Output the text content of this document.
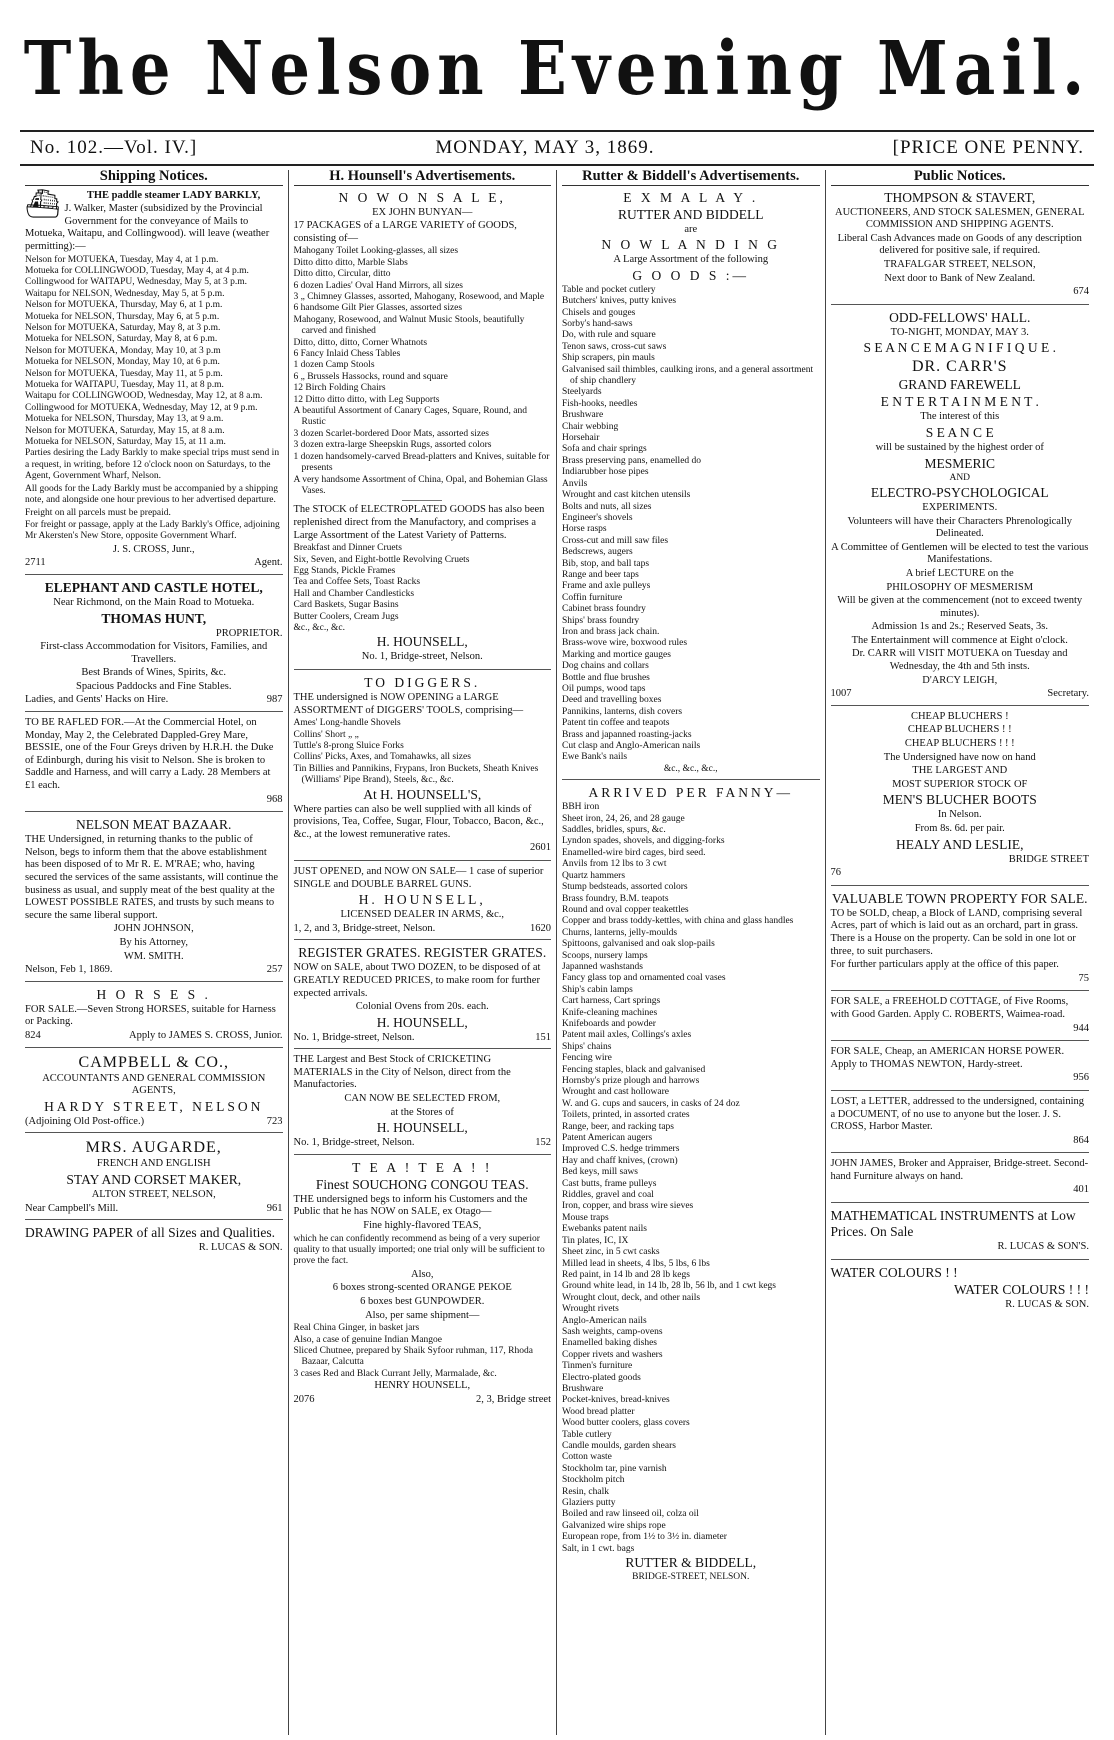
The Nelson Evening Mail.
No. 102.—Vol. IV.]	MONDAY, MAY 3, 1869.	[PRICE ONE PENNY.
Shipping Notices.
⛴	THE paddle steamer LADY BARKLY,

J. Walker, Master (subsidized by the Provincial Government for the conveyance of Mails to Motueka, Waitapu, and Collingwood). will leave (weather permitting):—

Nelson for MOTUEKA, Tuesday, May 4, at 1 p.m.

Motueka for COLLINGWOOD, Tuesday, May 4, at 4 p.m.

Collingwood for WAITAPU, Wednesday, May 5, at 3 p.m.

Waitapu for NELSON, Wednesday, May 5, at 5 p.m.

Nelson for MOTUEKA, Thursday, May 6, at 1 p.m.

Motueka for NELSON, Thursday, May 6, at 5 p.m.

Nelson for MOTUEKA, Saturday, May 8, at 3 p.m.

Motueka for NELSON, Saturday, May 8, at 6 p.m.

Nelson for MOTUEKA, Monday, May 10, at 3 p.m

Motueka for NELSON, Monday, May 10, at 6 p.m.

Nelson for MOTUEKA, Tuesday, May 11, at 5 p.m.

Motueka for WAITAPU, Tuesday, May 11, at 8 p.m.

Waitapu for COLLINGWOOD, Wednesday, May 12, at 8 a.m.

Collingwood for MOTUEKA, Wednesday, May 12, at 9 p.m.

Motueka for NELSON, Thursday, May 13, at 9 a.m.

Nelson for MOTUEKA, Saturday, May 15, at 8 a.m.

Motueka for NELSON, Saturday, May 15, at 11 a.m.

Parties desiring the Lady Barkly to make special trips must send in a request, in writing, before 12 o'clock noon on Saturdays, to the Agent, Government Wharf, Nelson.

All goods for the Lady Barkly must be accompanied by a shipping note, and alongside one hour previous to her advertised departure.

Freight on all parcels must be prepaid.

For freight or passage, apply at the Lady Barkly's Office, adjoining Mr Akersten's New Store, opposite Government Wharf.

J. S. CROSS, Junr.,

2711	Agent.

ELEPHANT AND CASTLE HOTEL,

Near Richmond, on the Main Road to Motueka.

THOMAS HUNT,

PROPRIETOR.

First-class Accommodation for Visitors, Families, and Travellers.

Best Brands of Wines, Spirits, &c.

Spacious Paddocks and Fine Stables.

Ladies, and Gents' Hacks on Hire.	987

TO BE RAFLED FOR.—At the Commercial Hotel, on Monday, May 2, the Celebrated Dappled-Grey Mare, BESSIE, one of the Four Greys driven by H.R.H. the Duke of Edinburgh, during his visit to Nelson. She is broken to Saddle and Harness, and will carry a Lady. 28 Members at £1 each.

968

NELSON MEAT BAZAAR.

THE Undersigned, in returning thanks to the public of Nelson, begs to inform them that the above establishment has been disposed of to Mr R. E. M'RAE; who, having secured the services of the same assistants, will continue the business as usual, and supply meat of the best quality at the LOWEST POSSIBLE RATES, and trusts by such means to secure the same liberal support.

JOHN JOHNSON,

By his Attorney,

WM. SMITH.

Nelson, Feb 1, 1869.	257

H O R S E S .

FOR SALE.—Seven Strong HORSES, suitable for Harness or Packing.

824	Apply to JAMES S. CROSS, Junior.

CAMPBELL & CO.,

ACCOUNTANTS AND GENERAL COMMISSION AGENTS,

HARDY STREET, NELSON

(Adjoining Old Post-office.)	723

MRS. AUGARDE,

FRENCH AND ENGLISH

STAY AND CORSET MAKER,

ALTON STREET, NELSON,

Near Campbell's Mill.	961

DRAWING PAPER of all Sizes and Qualities.

R. LUCAS & SON.

H. Hounsell's Advertisements.

N O W O N S A L E,

EX JOHN BUNYAN—

17 PACKAGES of a LARGE VARIETY of GOODS, consisting of—

Mahogany Toilet Looking-glasses, all sizes

Ditto ditto ditto, Marble Slabs

Ditto ditto, Circular, ditto

6 dozen Ladies' Oval Hand Mirrors, all sizes

3 „ Chimney Glasses, assorted, Mahogany, Rosewood, and Maple

6 handsome Gilt Pier Glasses, assorted sizes

Mahogany, Rosewood, and Walnut Music Stools, beautifully carved and finished

Ditto, ditto, ditto, Corner Whatnots

6 Fancy Inlaid Chess Tables

1 dozen Camp Stools

6 „ Brussels Hassocks, round and square

12 Birch Folding Chairs

12 Ditto ditto ditto, with Leg Supports

A beautiful Assortment of Canary Cages, Square, Round, and Rustic

3 dozen Scarlet-bordered Door Mats, assorted sizes

3 dozen extra-large Sheepskin Rugs, assorted colors

1 dozen handsomely-carved Bread-platters and Knives, suitable for presents

A very handsome Assortment of China, Opal, and Bohemian Glass Vases.

The STOCK of ELECTROPLATED GOODS has also been replenished direct from the Manufactory, and comprises a Large Assortment of the Latest Variety of Patterns.

Breakfast and Dinner Cruets

Six, Seven, and Eight-bottle Revolving Cruets

Egg Stands, Pickle Frames

Tea and Coffee Sets, Toast Racks

Hall and Chamber Candlesticks

Card Baskets, Sugar Basins

Butter Coolers, Cream Jugs

&c., &c., &c.

H. HOUNSELL,

No. 1, Bridge-street, Nelson.

TO DIGGERS.

THE undersigned is NOW OPENING a LARGE ASSORTMENT of DIGGERS' TOOLS, comprising—

Ames' Long-handle Shovels

Collins' Short „ „

Tuttle's 8-prong Sluice Forks

Collins' Picks, Axes, and Tomahawks, all sizes

Tin Billies and Pannikins, Frypans, Iron Buckets, Sheath Knives (Williams' Pipe Brand), Steels, &c., &c.

At H. HOUNSELL'S,

Where parties can also be well supplied with all kinds of provisions, Tea, Coffee, Sugar, Flour, Tobacco, Bacon, &c., &c., at the lowest remunerative rates.

2601

JUST OPENED, and NOW ON SALE— 1 case of superior SINGLE and DOUBLE BARREL GUNS.

H. HOUNSELL,

LICENSED DEALER IN ARMS, &c.,

1, 2, and 3, Bridge-street, Nelson.	1620

REGISTER GRATES. REGISTER GRATES.

NOW on SALE, about TWO DOZEN, to be disposed of at GREATLY REDUCED PRICES, to make room for further expected arrivals.

Colonial Ovens from 20s. each.

H. HOUNSELL,

No. 1, Bridge-street, Nelson.	151

THE Largest and Best Stock of CRICKETING MATERIALS in the City of Nelson, direct from the Manufactories.

CAN NOW BE SELECTED FROM,

at the Stores of

H. HOUNSELL,

No. 1, Bridge-street, Nelson.	152

T E A ! T E A ! !

Finest SOUCHONG CONGOU TEAS.

THE undersigned begs to inform his Customers and the Public that he has NOW on SALE, ex Otago—

Fine highly-flavored TEAS,

which he can confidently recommend as being of a very superior quality to that usually imported; one trial only will be sufficient to prove the fact.

Also,

6 boxes strong-scented ORANGE PEKOE

6 boxes best GUNPOWDER.

Also, per same shipment—

Real China Ginger, in basket jars

Also, a case of genuine Indian Mangoe

Sliced Chutnee, prepared by Shaik Syfoor ruhman, 117, Rhoda Bazaar, Calcutta

3 cases Red and Black Currant Jelly, Marmalade, &c.

HENRY HOUNSELL,

2076	2, 3, Bridge street
Rutter & Biddell's Advertisements.

E X M A L A Y .

RUTTER AND BIDDELL

are

N O W L A N D I N G

A Large Assortment of the following

G O O D S :—

Table and pocket cutlery

Butchers' knives, putty knives

Chisels and gouges

Sorby's hand-saws

Do, with rule and square

Tenon saws, cross-cut saws

Ship scrapers, pin mauls

Galvanised sail thimbles, caulking irons, and a general assortment of ship chandlery

Steelyards

Fish-hooks, needles

Brushware

Chair webbing

Horsehair

Sofa and chair springs

Brass preserving pans, enamelled do

Indiarubber hose pipes

Anvils

Wrought and cast kitchen utensils

Bolts and nuts, all sizes

Engineer's shovels

Horse rasps

Cross-cut and mill saw files

Bedscrews, augers

Bib, stop, and ball taps

Range and beer taps

Frame and axle pulleys

Coffin furniture

Cabinet brass foundry

Ships' brass foundry

Iron and brass jack chain.

Brass-wove wire, boxwood rules

Marking and mortice gauges

Dog chains and collars

Bottle and flue brushes

Oil pumps, wood taps

Deed and travelling boxes

Pannikins, lanterns, dish covers

Patent tin coffee and teapots

Brass and japanned roasting-jacks

Cut clasp and Anglo-American nails

Ewe Bank's nails

&c., &c., &c.,

ARRIVED PER FANNY—

BBH iron

Sheet iron, 24, 26, and 28 gauge

Saddles, bridles, spurs, &c.

Lyndon spades, shovels, and digging-forks

Enamelled-wire bird cages, bird seed.

Anvils from 12 lbs to 3 cwt

Quartz hammers

Stump bedsteads, assorted colors

Brass foundry, B.M. teapots

Round and oval copper teakettles

Copper and brass toddy-kettles, with china and glass handles

Churns, lanterns, jelly-moulds

Spittoons, galvanised and oak slop-pails

Scoops, nursery lamps

Japanned washstands

Fancy glass top and ornamented coal vases

Ship's cabin lamps

Cart harness, Cart springs

Knife-cleaning machines

Knifeboards and powder

Patent mail axles, Collings's axles

Ships' chains

Fencing wire

Fencing staples, black and galvanised

Hornsby's prize plough and harrows

Wrought and cast holloware

W. and G. cups and saucers, in casks of 24 doz

Toilets, printed, in assorted crates

Range, beer, and racking taps

Patent American augers

Improved C.S. hedge trimmers

Hay and chaff knives, (crown)

Bed keys, mill saws

Cast butts, frame pulleys

Riddles, gravel and coal

Iron, copper, and brass wire sieves

Mouse traps

Ewebanks patent nails

Tin plates, IC, IX

Sheet zinc, in 5 cwt casks

Milled lead in sheets, 4 lbs, 5 lbs, 6 lbs

Red paint, in 14 lb and 28 lb kegs

Ground white lead, in 14 lb, 28 lb, 56 lb, and 1 cwt kegs

Wrought clout, deck, and other nails

Wrought rivets

Anglo-American nails

Sash weights, camp-ovens

Enamelled baking dishes

Copper rivets and washers

Tinmen's furniture

Electro-plated goods

Brushware

Pocket-knives, bread-knives

Wood bread platter

Wood butter coolers, glass covers

Table cutlery

Candle moulds, garden shears

Cotton waste

Stockholm tar, pine varnish

Stockholm pitch

Resin, chalk

Glaziers putty

Boiled and raw linseed oil, colza oil

Galvanized wire ships rope

European rope, from 1½ to 3½ in. diameter

Salt, in 1 cwt. bags

RUTTER & BIDDELL,

BRIDGE-STREET, NELSON.

Public Notices.

THOMPSON & STAVERT,

AUCTIONEERS, AND STOCK SALESMEN, GENERAL COMMISSION AND SHIPPING AGENTS.

Liberal Cash Advances made on Goods of any description delivered for positive sale, if required.

TRAFALGAR STREET, NELSON,

Next door to Bank of New Zealand.

674

ODD-FELLOWS' HALL.

TO-NIGHT, MONDAY, MAY 3.

S E A N C E M A G N I F I Q U E .

DR. CARR'S

GRAND FAREWELL

E N T E R T A I N M E N T .

The interest of this

S E A N C E

will be sustained by the highest order of

MESMERIC

AND

ELECTRO-PSYCHOLOGICAL

EXPERIMENTS.

Volunteers will have their Characters Phrenologically Delineated.

A Committee of Gentlemen will be elected to test the various Manifestations.

A brief LECTURE on the

PHILOSOPHY OF MESMERISM

Will be given at the commencement (not to exceed twenty minutes).

Admission 1s and 2s.; Reserved Seats, 3s.

The Entertainment will commence at Eight o'clock.

Dr. CARR will VISIT MOTUEKA on Tuesday and Wednesday, the 4th and 5th insts.

D'ARCY LEIGH,

1007	Secretary.

CHEAP BLUCHERS !

CHEAP BLUCHERS ! !

CHEAP BLUCHERS ! ! !

The Undersigned have now on hand

THE LARGEST AND

MOST SUPERIOR STOCK OF

MEN'S BLUCHER BOOTS

In Nelson.

From 8s. 6d. per pair.

HEALY AND LESLIE,

BRIDGE STREET

76

VALUABLE TOWN PROPERTY FOR SALE.

TO be SOLD, cheap, a Block of LAND, comprising several Acres, part of which is laid out as an orchard, part in grass. There is a House on the property. Can be sold in one lot or three, to suit purchasers.

For further particulars apply at the office of this paper.

75

FOR SALE, a FREEHOLD COTTAGE, of Five Rooms, with Good Garden. Apply C. ROBERTS, Waimea-road.

944

FOR SALE, Cheap, an AMERICAN HORSE POWER. Apply to THOMAS NEWTON, Hardy-street.

956

LOST, a LETTER, addressed to the undersigned, containing a DOCUMENT, of no use to anyone but the loser. J. S. CROSS, Harbor Master.

864

JOHN JAMES, Broker and Appraiser, Bridge-street. Second-hand Furniture always on hand.

401

MATHEMATICAL INSTRUMENTS at Low Prices. On Sale

R. LUCAS & SON'S.

WATER COLOURS ! !

WATER COLOURS ! ! !

R. LUCAS & SON.
